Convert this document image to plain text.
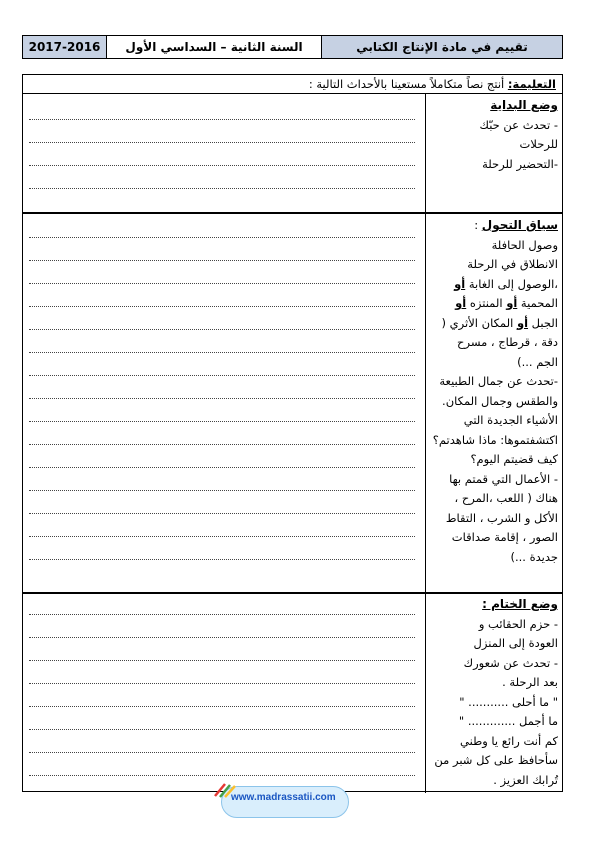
2017-2016	السنة الثانية – السداسي الأول	تقييم في مادة الإنتاج الكتابي
التعليمة: أنتج نصاً متكاملاً مستعينا بالأحداث التالية :

وضع البداية

- تحدث عن حبّك

للرحلات

-التحضير للرحلة

سياق التحول :

وصول الحافلة

الانطلاق في الرحلة

،الوصول إلى الغابة أو

المحمية أو المنتزه أو

الجبل أو المكان الأثري (

دقة ، قرطاج ، مسرح

الجم ...)

-تحدث عن جمال الطبيعة

والطقس وجمال المكان.

الأشياء الجديدة التي

اكتشفتموها: ماذا شاهدتم؟

كيف قضيتم اليوم؟

- الأعمال التي قمتم بها

هناك ( اللعب ،المرح ،

الأكل و الشرب ، التقاط

الصور ، إقامة صداقات

جديدة ...)

وضع الختام :

- حزم الحقائب و

العودة إلى المنزل

- تحدث عن شعورك

بعد الرحلة .

" ما أحلى ........... "

ما أجمل ............. "

كم أنت رائع يا وطني

سأحافظ على كل شبر من

تُرابك العزيز .

www.madrassatii.com
